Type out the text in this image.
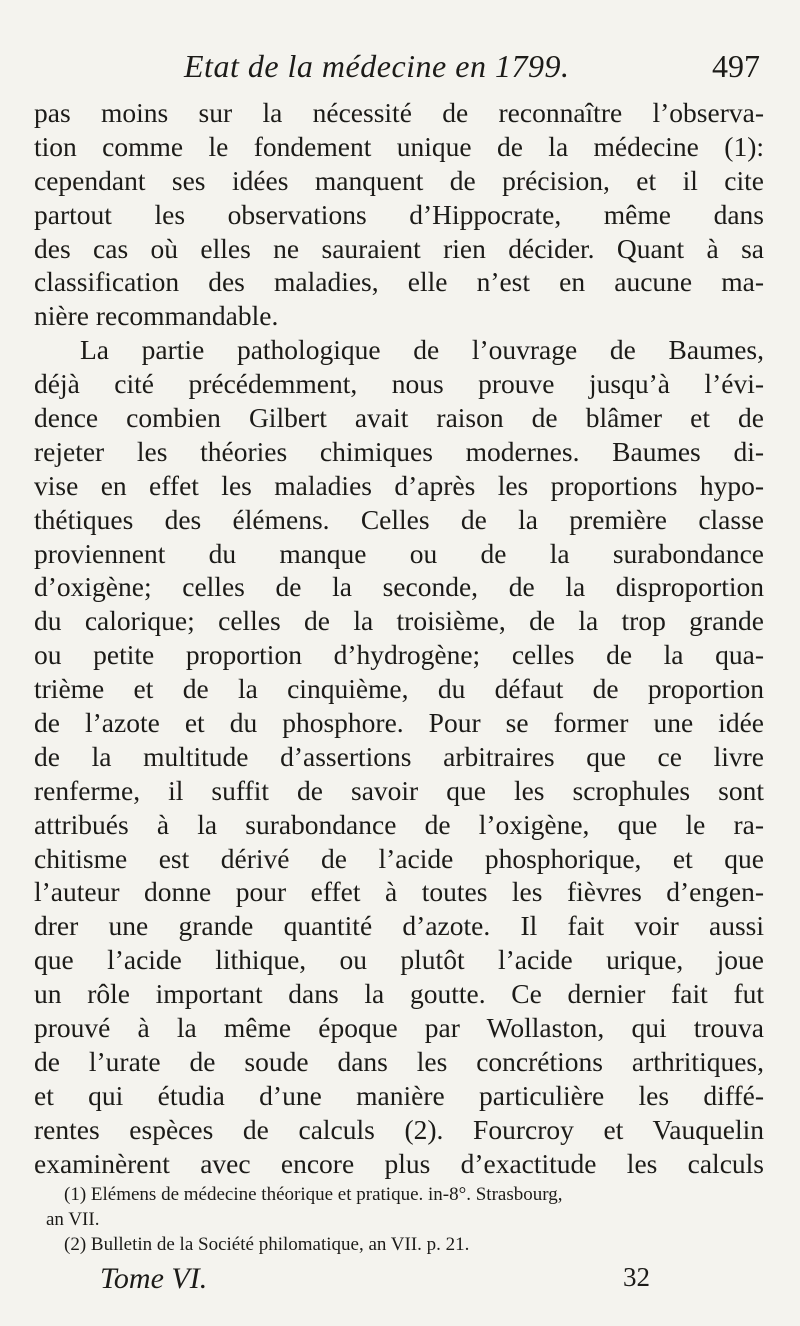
Etat de la médecine en 1799.	497
pas moins sur la nécessité de reconnaître l’observa-
tion comme le fondement unique de la médecine (1):
cependant ses idées manquent de précision, et il cite
partout les observations d’Hippocrate, même dans
des cas où elles ne sauraient rien décider. Quant à sa
classification des maladies, elle n’est en aucune ma-
nière recommandable.
La partie pathologique de l’ouvrage de Baumes,
déjà cité précédemment, nous prouve jusqu’à l’évi-
dence combien Gilbert avait raison de blâmer et de
rejeter les théories chimiques modernes. Baumes di-
vise en effet les maladies d’après les proportions hypo-
thétiques des élémens. Celles de la première classe
proviennent du manque ou de la surabondance
d’oxigène; celles de la seconde, de la disproportion
du calorique; celles de la troisième, de la trop grande
ou petite proportion d’hydrogène; celles de la qua-
trième et de la cinquième, du défaut de proportion
de l’azote et du phosphore. Pour se former une idée
de la multitude d’assertions arbitraires que ce livre
renferme, il suffit de savoir que les scrophules sont
attribués à la surabondance de l’oxigène, que le ra-
chitisme est dérivé de l’acide phosphorique, et que
l’auteur donne pour effet à toutes les fièvres d’engen-
drer une grande quantité d’azote. Il fait voir aussi
que l’acide lithique, ou plutôt l’acide urique, joue
un rôle important dans la goutte. Ce dernier fait fut
prouvé à la même époque par Wollaston, qui trouva
de l’urate de soude dans les concrétions arthritiques,
et qui étudia d’une manière particulière les diffé-
rentes espèces de calculs (2). Fourcroy et Vauquelin
examinèrent avec encore plus d’exactitude les calculs
(1) Elémens de médecine théorique et pratique. in-8°. Strasbourg,
an VII.
(2) Bulletin de la Société philomatique, an VII. p. 21.
Tome VI.	32
